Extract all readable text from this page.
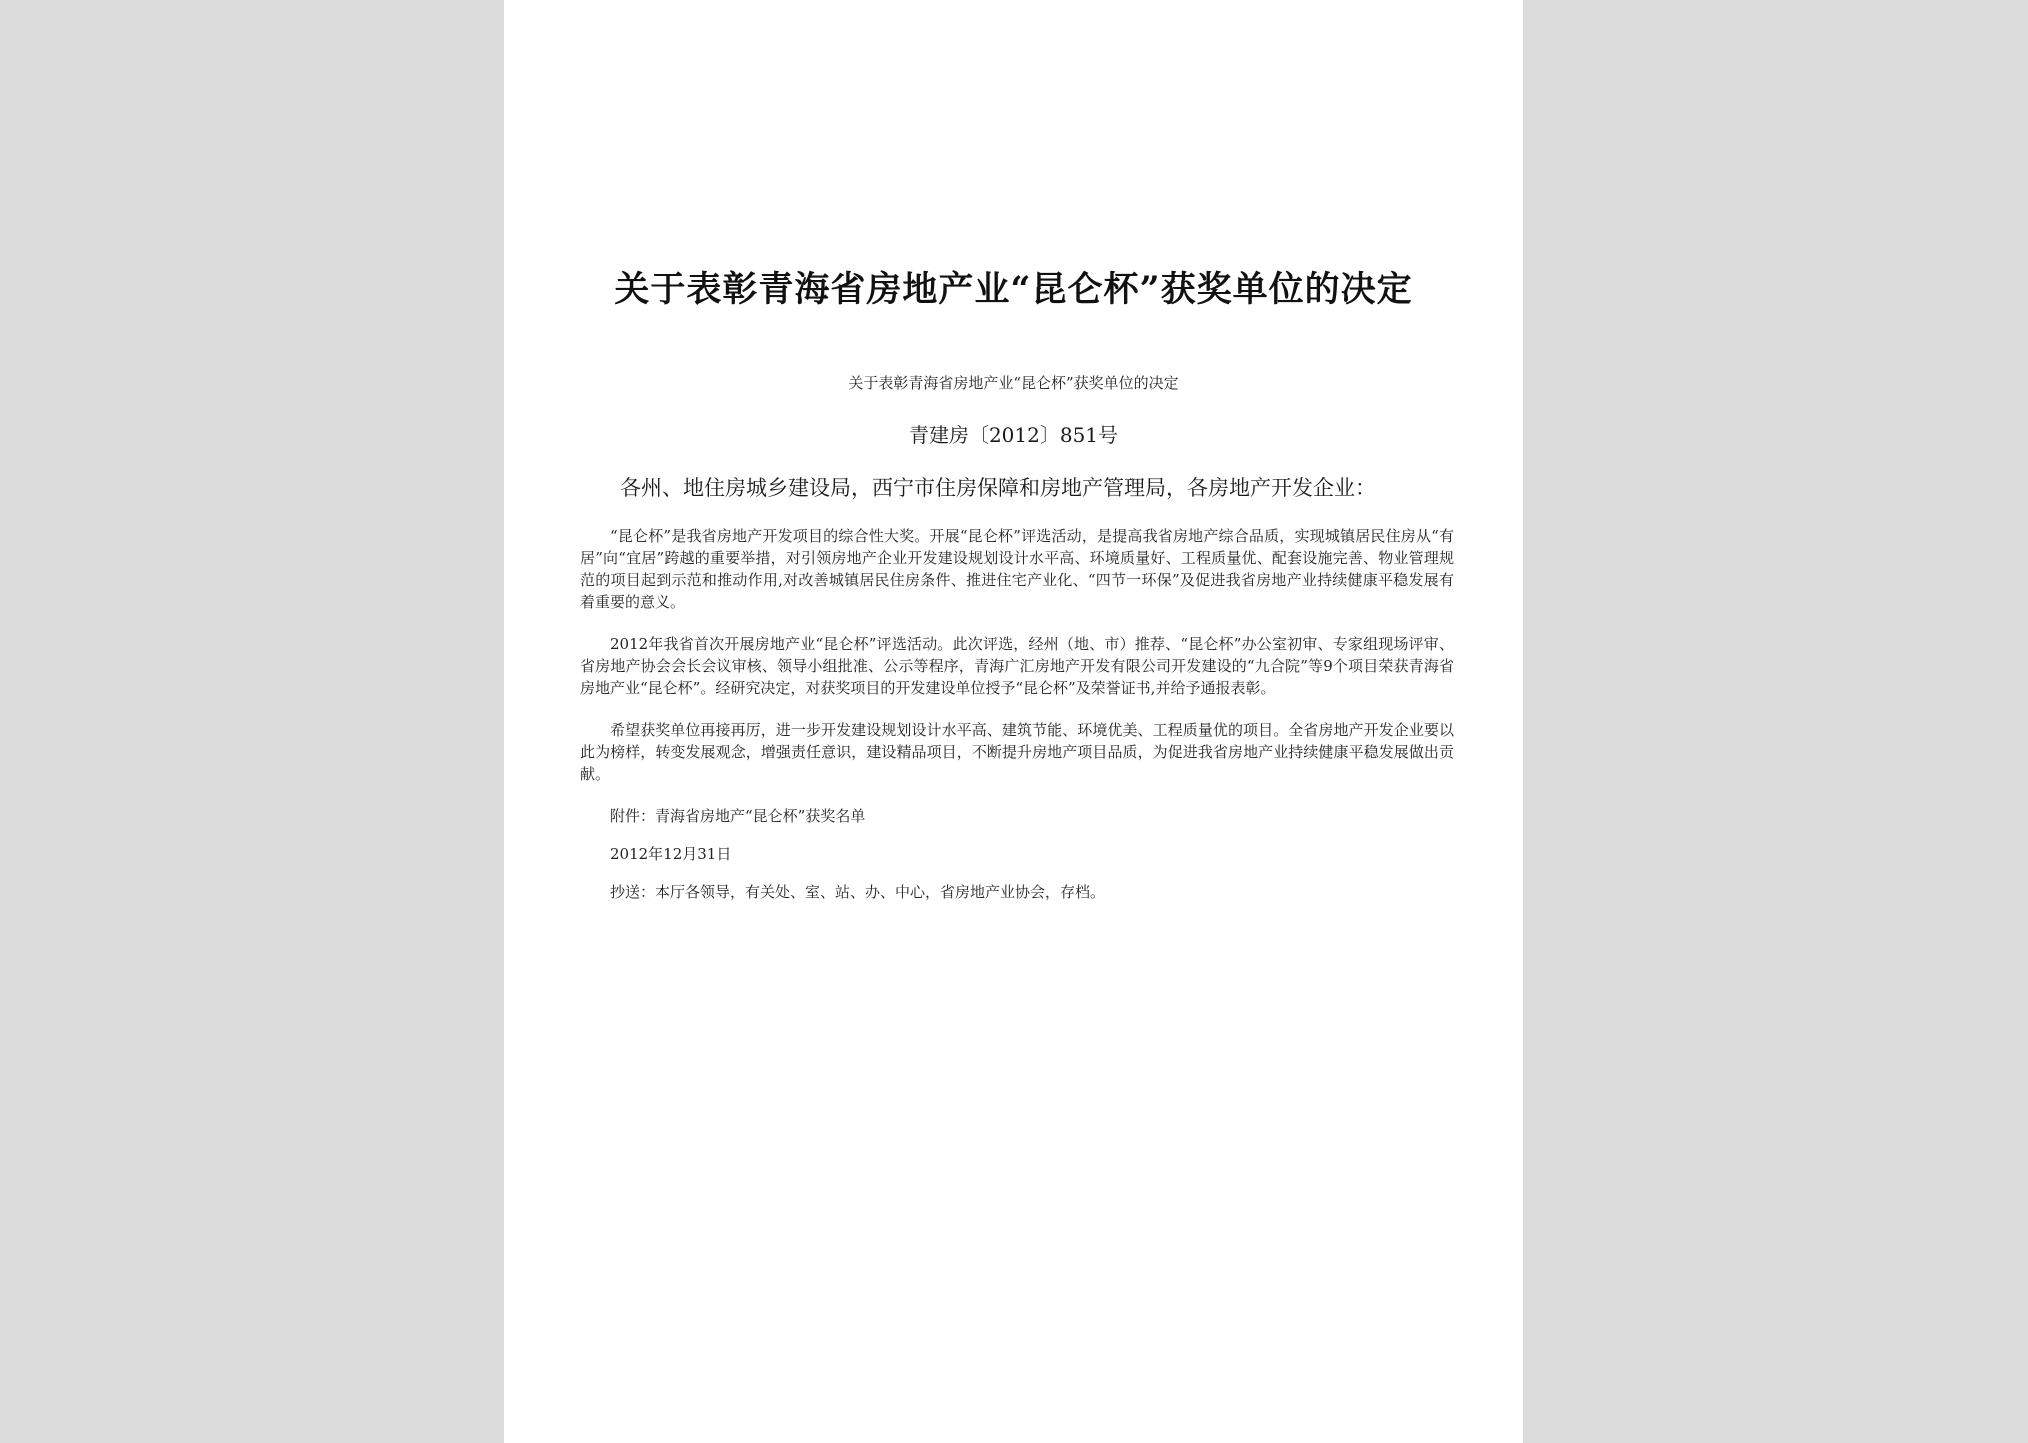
关于表彰青海省房地产业“昆仑杯”获奖单位的决定
关于表彰青海省房地产业“昆仑杯”获奖单位的决定
青建房〔2012〕851号
各州、地住房城乡建设局，西宁市住房保障和房地产管理局，各房地产开发企业：

“昆仑杯”是我省房地产开发项目的综合性大奖。开展“昆仑杯”评选活动，是提高我省房地产综合品质，实现城镇居民住房从“有居”向“宜居”跨越的重要举措，对引领房地产企业开发建设规划设计水平高、环境质量好、工程质量优、配套设施完善、物业管理规范的项目起到示范和推动作用,对改善城镇居民住房条件、推进住宅产业化、“四节一环保”及促进我省房地产业持续健康平稳发展有着重要的意义。

2012年我省首次开展房地产业“昆仑杯”评选活动。此次评选，经州（地、市）推荐、“昆仑杯”办公室初审、专家组现场评审、省房地产协会会长会议审核、领导小组批准、公示等程序，青海广汇房地产开发有限公司开发建设的“九合院”等9个项目荣获青海省房地产业“昆仑杯”。经研究决定，对获奖项目的开发建设单位授予“昆仑杯”及荣誉证书,并给予通报表彰。

希望获奖单位再接再厉，进一步开发建设规划设计水平高、建筑节能、环境优美、工程质量优的项目。全省房地产开发企业要以此为榜样，转变发展观念，增强责任意识，建设精品项目，不断提升房地产项目品质，为促进我省房地产业持续健康平稳发展做出贡献。

附件：青海省房地产“昆仑杯”获奖名单
2012年12月31日
抄送：本厅各领导，有关处、室、站、办、中心，省房地产业协会，存档。
